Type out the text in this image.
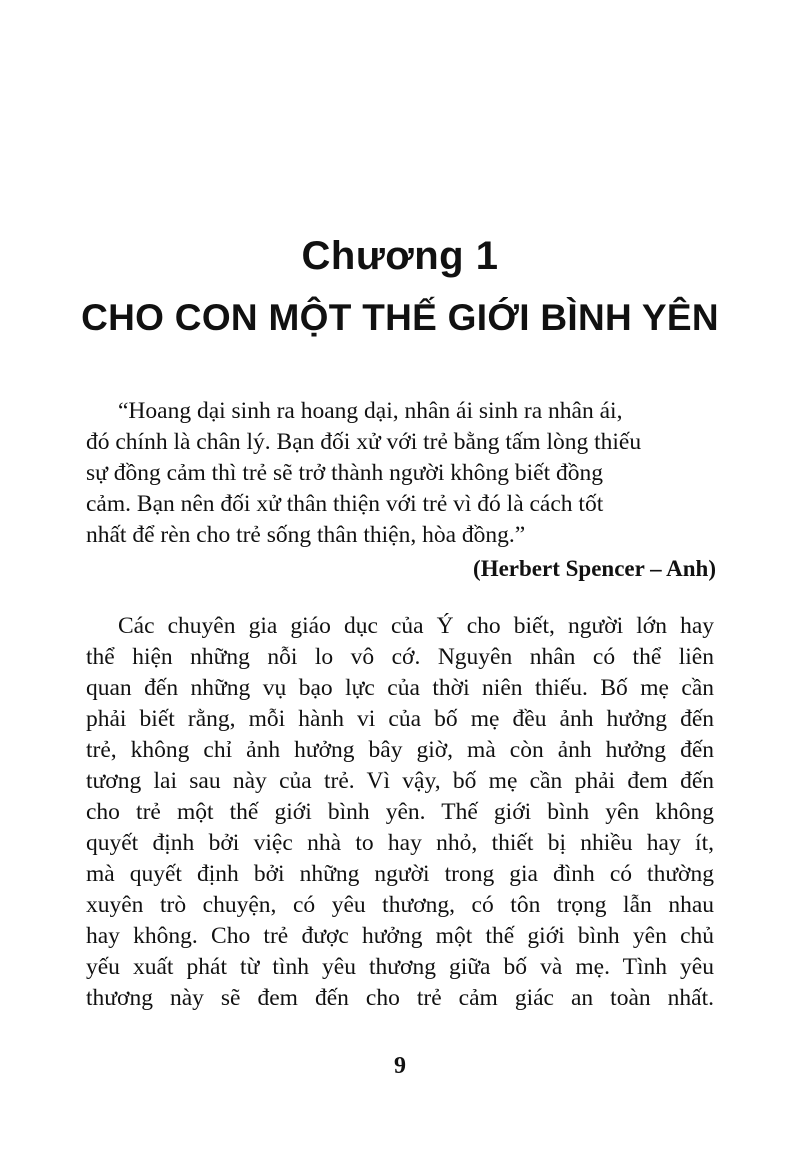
Chương 1
CHO CON MỘT THẾ GIỚI BÌNH YÊN
“Hoang dại sinh ra hoang dại, nhân ái sinh ra nhân ái,
đó chính là chân lý. Bạn đối xử với trẻ bằng tấm lòng thiếu
sự đồng cảm thì trẻ sẽ trở thành người không biết đồng
cảm. Bạn nên đối xử thân thiện với trẻ vì đó là cách tốt
nhất để rèn cho trẻ sống thân thiện, hòa đồng.”
(Herbert Spencer – Anh)
Các chuyên gia giáo dục của Ý cho biết, người lớn hay
thể hiện những nỗi lo vô cớ. Nguyên nhân có thể liên
quan đến những vụ bạo lực của thời niên thiếu. Bố mẹ cần
phải biết rằng, mỗi hành vi của bố mẹ đều ảnh hưởng đến
trẻ, không chỉ ảnh hưởng bây giờ, mà còn ảnh hưởng đến
tương lai sau này của trẻ. Vì vậy, bố mẹ cần phải đem đến
cho trẻ một thế giới bình yên. Thế giới bình yên không
quyết định bởi việc nhà to hay nhỏ, thiết bị nhiều hay ít,
mà quyết định bởi những người trong gia đình có thường
xuyên trò chuyện, có yêu thương, có tôn trọng lẫn nhau
hay không. Cho trẻ được hưởng một thế giới bình yên chủ
yếu xuất phát từ tình yêu thương giữa bố và mẹ. Tình yêu
thương này sẽ đem đến cho trẻ cảm giác an toàn nhất.
9
